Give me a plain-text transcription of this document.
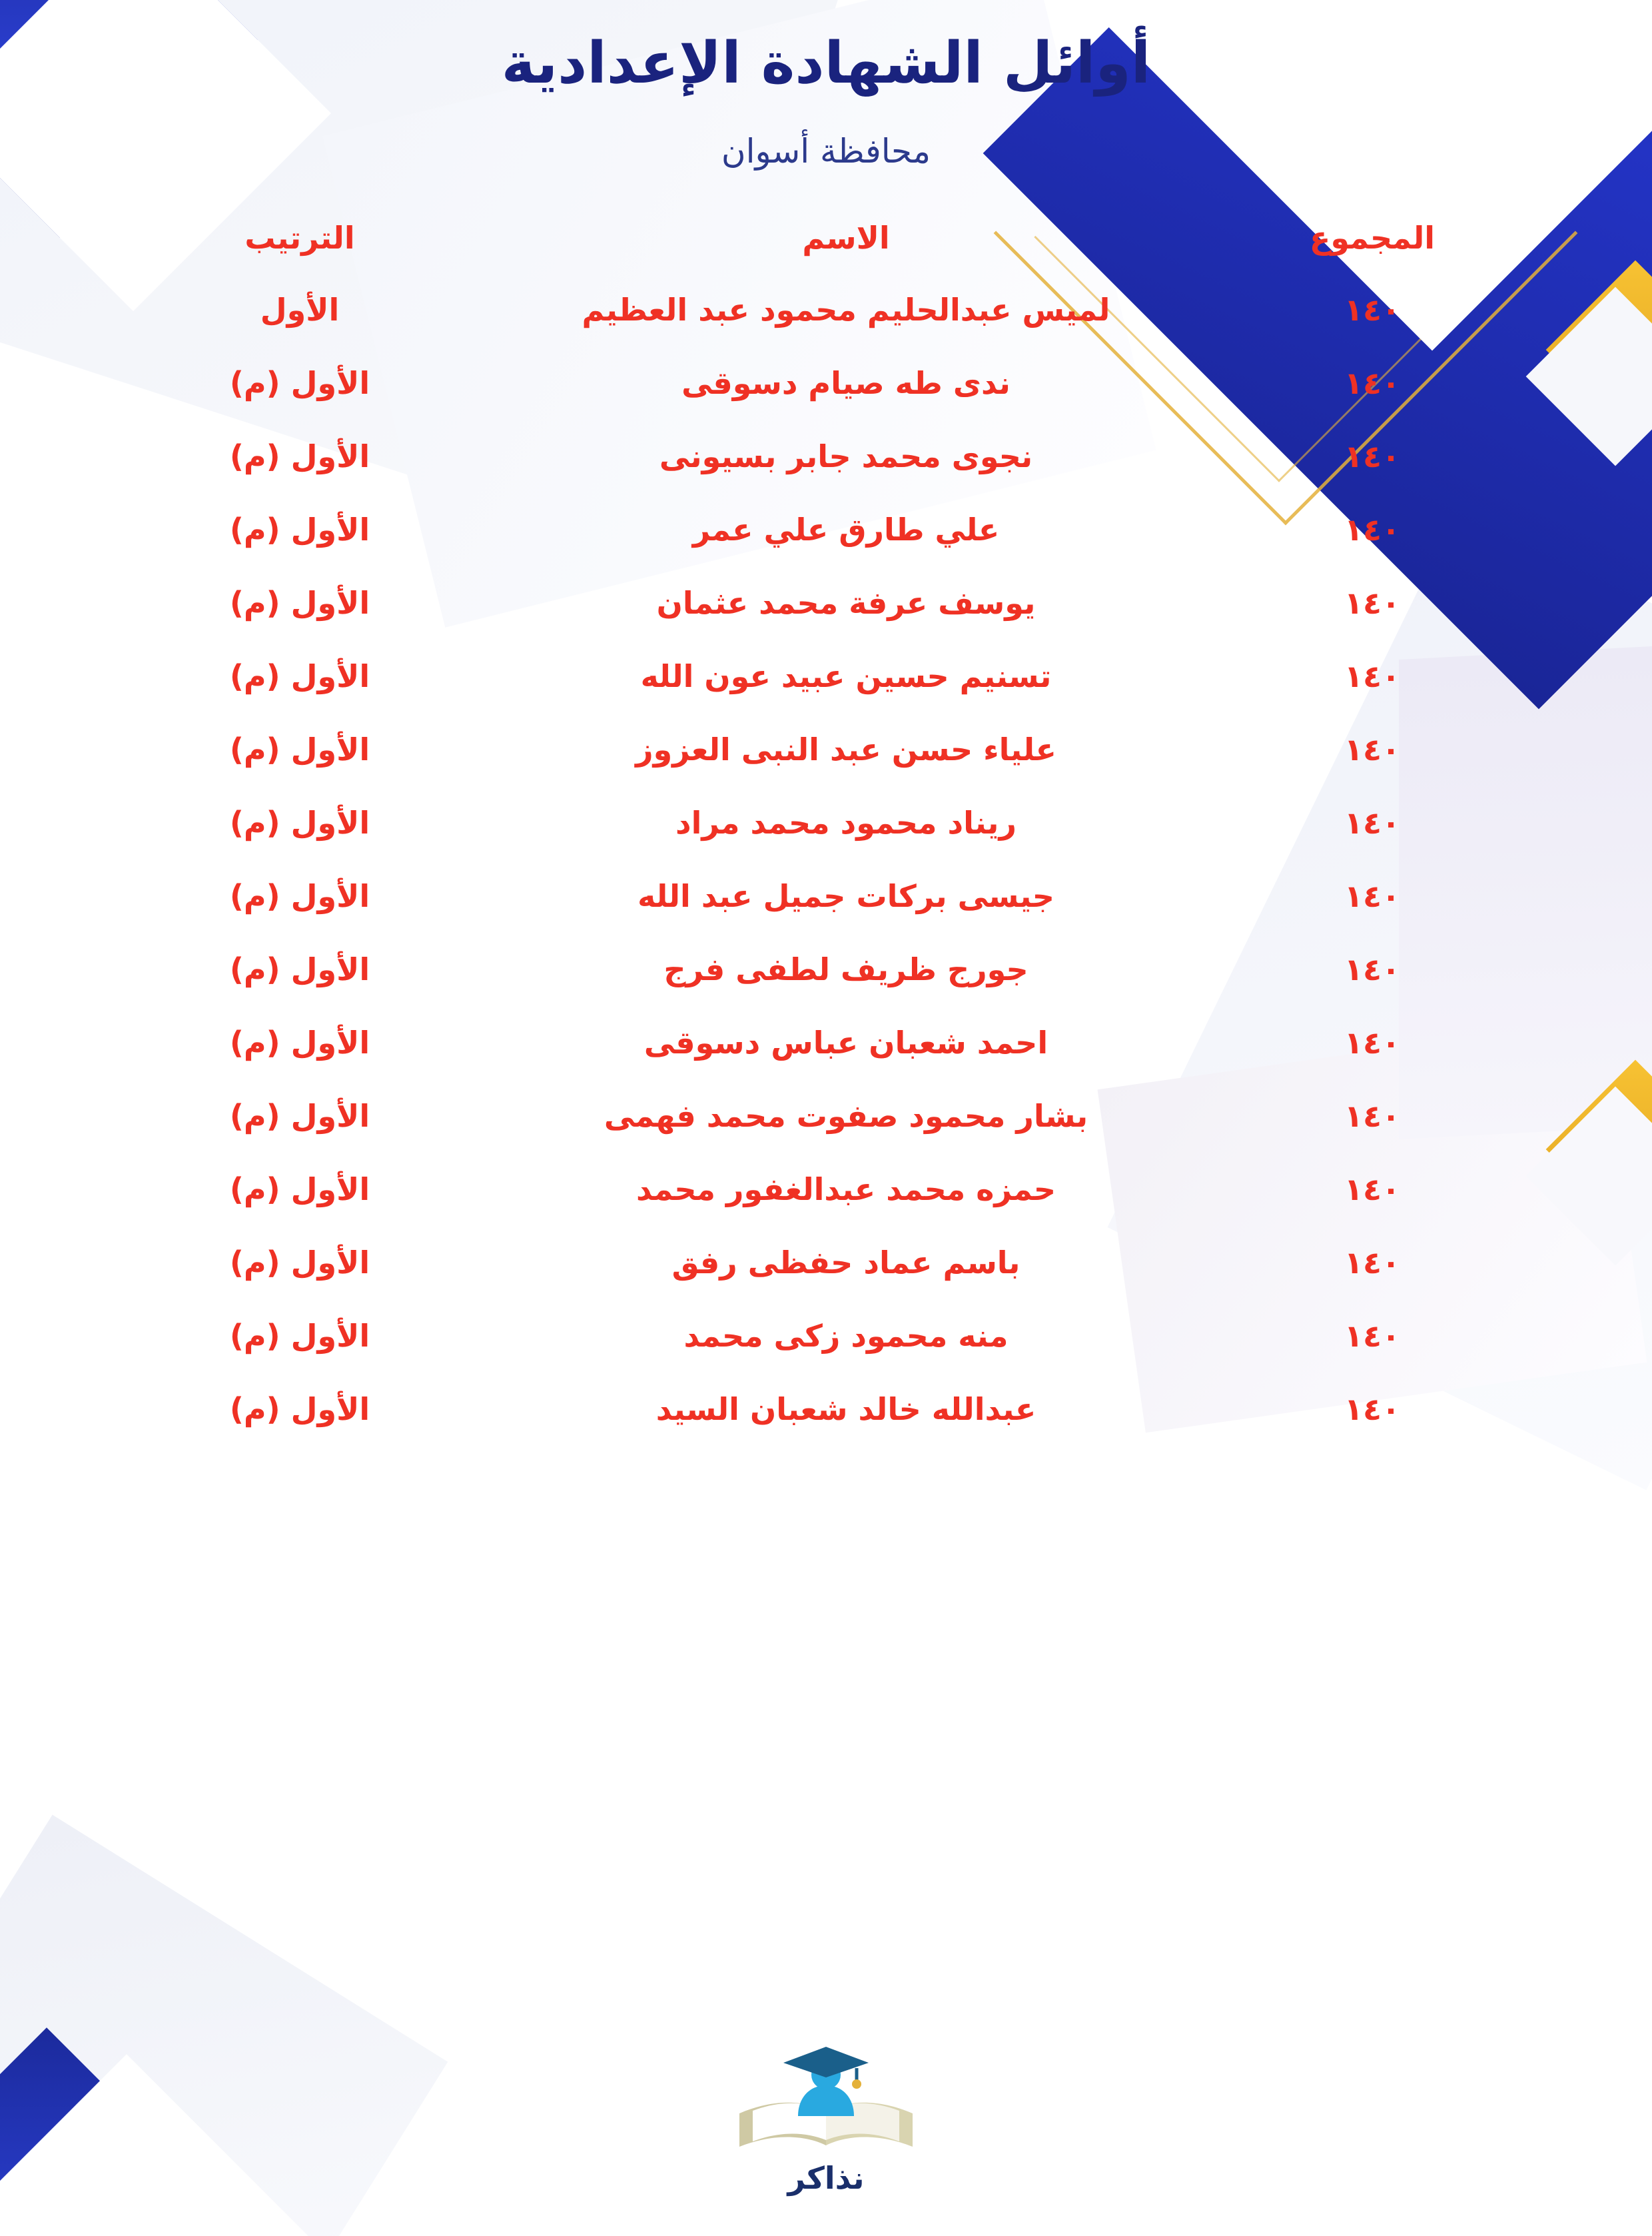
أوائل الشهادة الإعدادية
محافظة أسوان
المجموع	الاسم	الترتيب
١٤٠	لميس عبدالحليم محمود عبد العظيم	الأول
١٤٠	ندى طه صيام دسوقى	الأول (م)
١٤٠	نجوى محمد جابر بسيونى	الأول (م)
١٤٠	علي طارق علي عمر	الأول (م)
١٤٠	يوسف عرفة محمد عثمان	الأول (م)
١٤٠	تسنيم حسين عبيد عون الله	الأول (م)
١٤٠	علياء حسن عبد النبى العزوز	الأول (م)
١٤٠	ريناد محمود محمد مراد	الأول (م)
١٤٠	جيسى بركات جميل عبد الله	الأول (م)
١٤٠	جورج ظريف لطفى فرج	الأول (م)
١٤٠	احمد شعبان عباس دسوقى	الأول (م)
١٤٠	بشار محمود صفوت محمد فهمى	الأول (م)
١٤٠	حمزه محمد عبدالغفور محمد	الأول (م)
١٤٠	باسم عماد حفظى رفق	الأول (م)
١٤٠	منه محمود زكى محمد	الأول (م)
١٤٠	عبدالله خالد شعبان السيد	الأول (م)
نذاكر
